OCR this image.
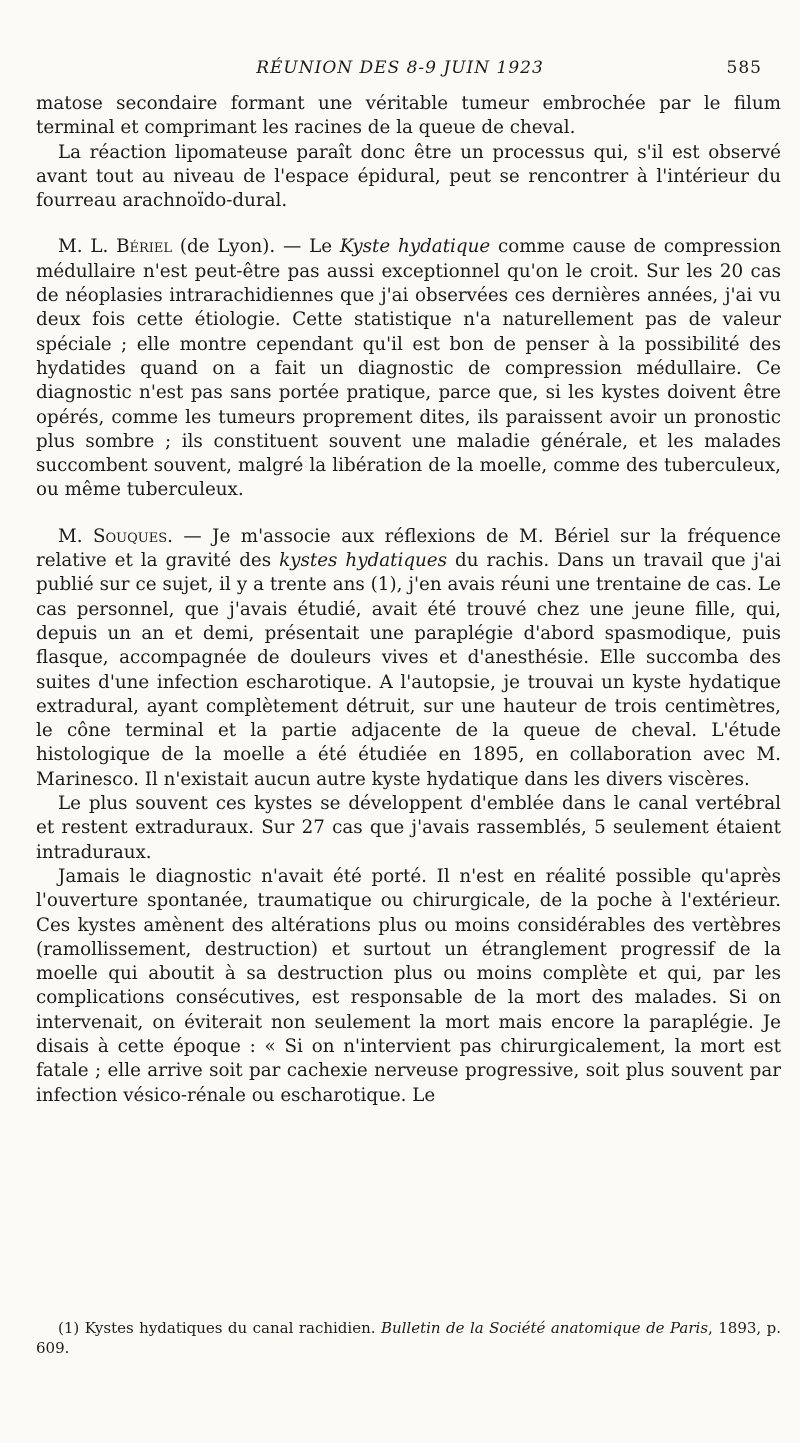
RÉUNION DES 8-9 JUIN 1923	585

matose secondaire formant une véritable tumeur embrochée par le filum terminal et comprimant les racines de la queue de cheval.

La réaction lipomateuse paraît donc être un processus qui, s'il est observé avant tout au niveau de l'espace épidural, peut se rencontrer à l'intérieur du fourreau arachnoïdo-dural.

M. L. Bériel (de Lyon). — Le Kyste hydatique comme cause de compression médullaire n'est peut-être pas aussi exceptionnel qu'on le croit. Sur les 20 cas de néoplasies intrarachidiennes que j'ai observées ces dernières années, j'ai vu deux fois cette étiologie. Cette statistique n'a naturellement pas de valeur spéciale ; elle montre cependant qu'il est bon de penser à la possibilité des hydatides quand on a fait un diagnostic de compression médullaire. Ce diagnostic n'est pas sans portée pratique, parce que, si les kystes doivent être opérés, comme les tumeurs proprement dites, ils paraissent avoir un pronostic plus sombre ; ils constituent souvent une maladie générale, et les malades succombent souvent, malgré la libération de la moelle, comme des tuberculeux, ou même tuberculeux.

M. Souques. — Je m'associe aux réflexions de M. Bériel sur la fréquence relative et la gravité des kystes hydatiques du rachis. Dans un travail que j'ai publié sur ce sujet, il y a trente ans (1), j'en avais réuni une trentaine de cas. Le cas personnel, que j'avais étudié, avait été trouvé chez une jeune fille, qui, depuis un an et demi, présentait une paraplégie d'abord spasmodique, puis flasque, accompagnée de douleurs vives et d'anesthésie. Elle succomba des suites d'une infection escharotique. A l'autopsie, je trouvai un kyste hydatique extradural, ayant complètement détruit, sur une hauteur de trois centimètres, le cône terminal et la partie adjacente de la queue de cheval. L'étude histologique de la moelle a été étudiée en 1895, en collaboration avec M. Marinesco. Il n'existait aucun autre kyste hydatique dans les divers viscères.

Le plus souvent ces kystes se développent d'emblée dans le canal vertébral et restent extraduraux. Sur 27 cas que j'avais rassemblés, 5 seulement étaient intraduraux.

Jamais le diagnostic n'avait été porté. Il n'est en réalité possible qu'après l'ouverture spontanée, traumatique ou chirurgicale, de la poche à l'extérieur. Ces kystes amènent des altérations plus ou moins considérables des vertèbres (ramollissement, destruction) et surtout un étranglement progressif de la moelle qui aboutit à sa destruction plus ou moins complète et qui, par les complications consécutives, est responsable de la mort des malades. Si on intervenait, on éviterait non seulement la mort mais encore la paraplégie. Je disais à cette époque : « Si on n'intervient pas chirurgicalement, la mort est fatale ; elle arrive soit par cachexie nerveuse progressive, soit plus souvent par infection vésico-rénale ou escharotique. Le

(1) Kystes hydatiques du canal rachidien. Bulletin de la Société anatomique de Paris, 1893, p. 609.
